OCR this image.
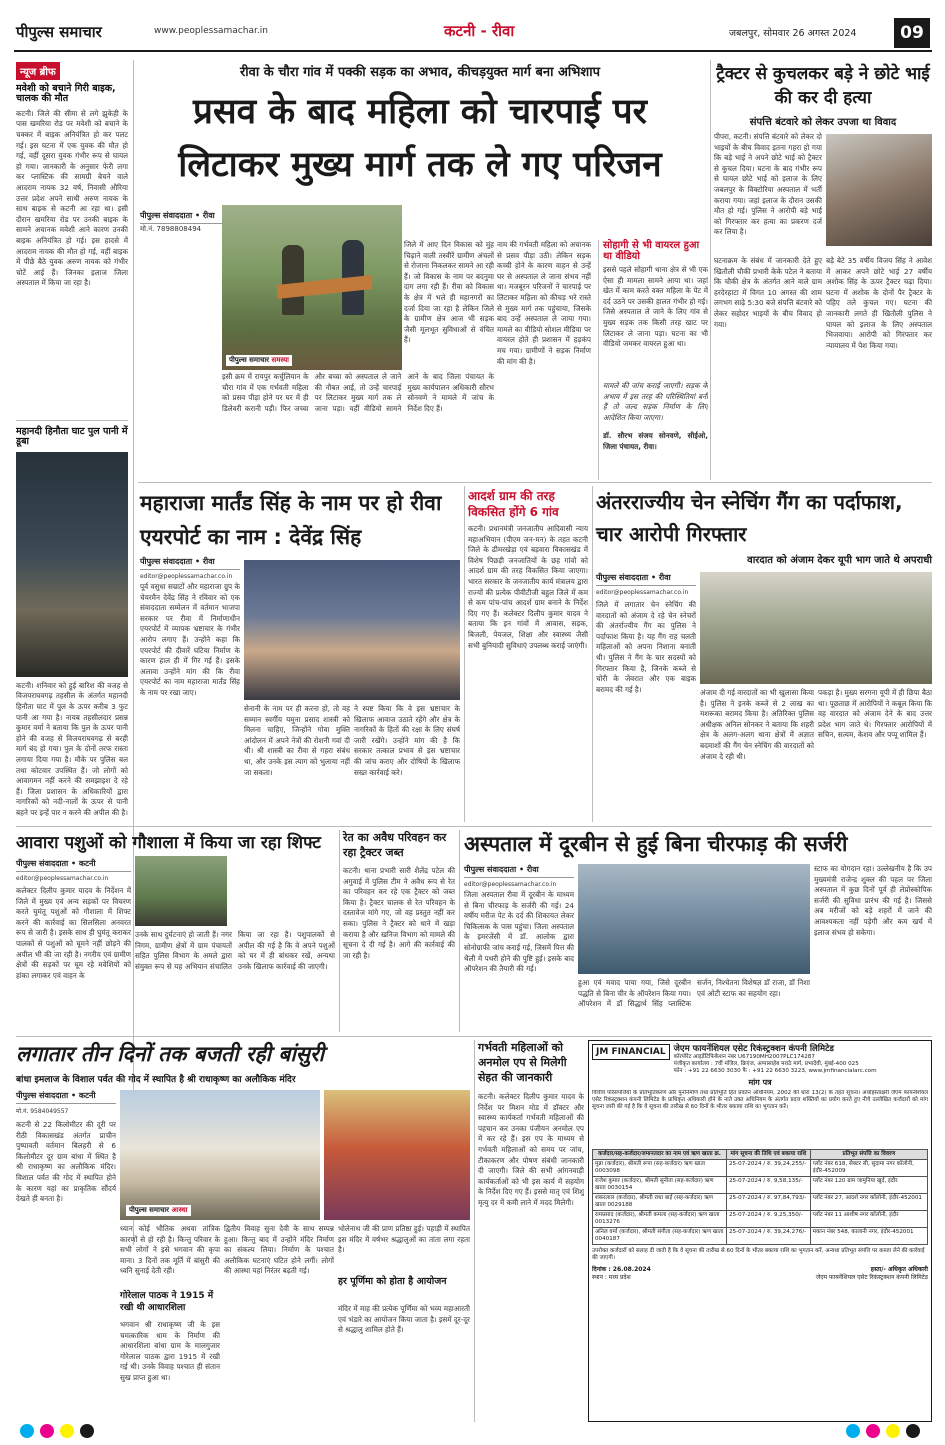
पीपुल्स समाचार	www.peoplessamachar.in	कटनी - रीवा	जबलपुर, सोमवार 26 अगस्त 2024	09
न्यूज ब्रीफ
मवेशी को बचाने गिरी बाइक, चालक की मौत
कटनी। जिले की सीमा से लगे झुकेही के पास खमरिया रोड पर मवेशी को बचाने के चक्कर में बाइक अनियंत्रित हो कर पलट गई। इस घटना में एक युवक की मौत हो गई, वहीं दूसरा युवक गंभीर रूप से घायल हो गया। जानकारी के अनुसार फेरी लगा कर प्लास्टिक की सामग्री बेचने वाले आदराम नायक 32 वर्ष, निवासी औरिया उत्तर प्रदेश अपने साथी अरुण नायक के साथ बाइक से कटनी आ रहा था। इसी दौरान खमरिया रोड पर उनकी बाइक के सामने अचानक मवेशी आने कारण उनकी बाइक अनियंत्रित हो गई। इस हादसे में आदराम नायक की मौत हो गई, वहीं बाइक में पीछे बैठे युवक अरुण नायक को गंभीर चोटें आई हैं। जिनका इलाज जिला अस्पताल में किया जा रहा है।
महानदी हिनौता घाट पुल पानी में डूबा
कटनी। शनिवार को हुई बारिश की वजह से विजयराघवगढ़ तहसील के अंतर्गत महानदी हिनौता घाट में पुल के ऊपर करीब 3 फुट पानी आ गया है। नायब तहसीलदार प्रसन्न कुमार वर्मा ने बताया कि पुल के ऊपर पानी होने की वजह से विजयराघवगढ़ से बरही मार्ग बंद हो गया। पुल के दोनों तरफ रास्ता लगाया दिया गया है। मौके पर पुलिस बल तथा कोटवार उपस्थित हैं। जो लोगों को आवागमन नहीं करने की समझाइश दे रहे हैं। जिला प्रशासन के अधिकारियों द्वारा नागरिकों को नदी-नालों के ऊपर से पानी बहने पर इन्हें पार न करने की अपील की है।
रीवा के चौरा गांव में पक्की सड़क का अभाव, कीचड़युक्त मार्ग बना अभिशाप
प्रसव के बाद महिला को चारपाई पर लिटाकर मुख्य मार्ग तक ले गए परिजन
पीपुल्स संवाददाता • रीवा
पीपुल्स समाचार समस्या
मो.नं. 7898808494
जिले में आए दिन विकास को मुंह चिढ़ाने वाली तस्वीरें ग्रामीण अंचलों से रोजाना निकलकर सामने आ रही हैं। जो विकास के नाम पर बदनुमा दाग लगा रही हैं। रीवा को विकास के क्षेत्र में भले ही महानगरों का दर्जा दिया जा रहा है लेकिन जिले के ग्रामीण क्षेत्र आज भी सड़क जैसी मूलभूत सुविधाओं से वंचित हैं।
इसी क्रम में रायपुर कर्चुलियान के चौरा गांव में एक गर्भवती महिला को प्रसव पीड़ा होने पर घर में ही डिलेवरी करानी पड़ी। फिर जच्चा और बच्चा को अस्पताल ले जाने की नौबत आई, तो उन्हें चारपाई पर लिटाकर मुख्य मार्ग तक ले जाना पड़ा। यहीं वीडियो सामने आने के बाद जिला पंचायत के मुख्य कार्यपालन अधिकारी सौरभ सोनवणे ने मामले में जांच के निर्देश दिए हैं।
नाम की गर्भवती महिला को अचानक से प्रसव पीड़ा उठी। लेकिन सड़क कच्ची होने के कारण वाहन से उन्हें घर से अस्पताल ले जाना संभव नहीं था। मजबूरन परिजनों ने चारपाई पर लिटाकर महिला को कीचड़ भरे रास्ते से मुख्य मार्ग तक पहुंचाया, जिसके बाद उन्हें अस्पताल ले जाया गया। मामले का वीडियो सोशल मीडिया पर वायरल होते ही प्रशासन में हड़कंप मच गया। ग्रामीणों ने सड़क निर्माण की मांग की है।
सोहागी से भी वायरल हुआ था वीडियो
इससे पहले सोहागी थाना क्षेत्र से भी एक ऐसा ही मामला सामने आया था। जहां खेत में काम करते वक्त महिला के पेट में दर्द उठने पर उसकी हालत गंभीर हो गई। जिसे अस्पताल ले जाने के लिए गांव से मुख्य सड़क तक किसी तरह खाट पर लिटाकर ले जाना पड़ा। घटना का भी वीडियो जमकर वायरल हुआ था।
मामले की जांच कराई जाएगी। सड़क के अभाव में इस तरह की परिस्थितियां बनी हैं तो जल्द सड़क निर्माण के लिए आदेशित किया जाएगा।
डॉ. सौरभ संजय सोनवणे, सीईओ, जिला पंचायत, रीवा।
ट्रैक्टर से कुचलकर बड़े ने छोटे भाई की कर दी हत्या
संपत्ति बंटवारे को लेकर उपजा था विवाद
पीपरा, कटनी। संपत्ति बंटवारे को लेकर दो भाइयों के बीच विवाद इतना गहरा हो गया कि बड़े भाई ने अपने छोटे भाई को ट्रैक्टर से कुचल दिया। घटना के बाद गंभीर रूप से घायल छोटे भाई को इलाज के लिए जबलपुर के विक्टोरिया अस्पताल में भर्ती कराया गया। जहां इलाज के दौरान उसकी मौत हो गई। पुलिस ने आरोपी बड़े भाई को गिरफ्तार कर हत्या का प्रकरण दर्ज कर लिया है।
घटनाक्रम के संबंध में जानकारी देते हुए खितौली चौकी प्रभारी केके पटेल ने बताया कि चौकी क्षेत्र के अंतर्गत आने वाले ग्राम हरदेरहाटा में विगत 10 अगस्त की शाम लगभग साढ़े 5:30 बजे संपत्ति बंटवारे को लेकर सहोदर भाइयों के बीच विवाद हो गया।
बड़े बेटे 35 वर्षीय विजय सिंह ने आवेश में आकर अपने छोटे भाई 27 वर्षीय अशोक सिंह के ऊपर ट्रैक्टर चढ़ा दिया। घटना में अशोक के दोनों पैर ट्रैक्टर के पहिए तले कुचल गए। घटना की जानकारी लगते ही खितौली पुलिस ने घायल को इलाज के लिए अस्पताल भिजवाया। आरोपी को गिरफ्तार कर न्यायालय में पेश किया गया।
महाराजा मार्तंड सिंह के नाम पर हो रीवा एयरपोर्ट का नाम : देवेंद्र सिंह
पीपुल्स संवाददाता • रीवा
editor@peoplessamachar.co.in
पूर्व वसुधा सम्राटों और महाराजा ग्रुप के चेयरमैन देवेंद्र सिंह ने रविवार को एक संवाददाता सम्मेलन में वर्तमान भाजपा सरकार पर रीवा में निर्माणाधीन एयरपोर्ट में व्यापक भ्रष्टाचार के गंभीर आरोप लगाए हैं। उन्होंने कहा कि एयरपोर्ट की दीवारें घटिया निर्माण के कारण हाल ही में गिर गई हैं। इसके अलावा उन्होंने मांग की कि रीवा एयरपोर्ट का नाम महाराजा मार्तंड सिंह के नाम पर रखा जाए।
सेनानी के नाम पर ही करना हो, तो वह सम्मान स्वर्गीय यमुना प्रसाद शास्त्री को मिलना चाहिए, जिन्होंने गोवा मुक्ति आंदोलन में अपने नेत्रों की रोशनी गवां दी थी। श्री शास्त्री का रीवा से गहरा संबंध था, और उनके इस त्याग को भुलाया नहीं जा सकता।
ने स्पष्ट किया कि वे इस भ्रष्टाचार के खिलाफ आवाज उठाते रहेंगे और क्षेत्र के नागरिकों के हितों की रक्षा के लिए संघर्ष जारी रखेंगे। उन्होंने मांग की है कि सरकार तत्काल प्रभाव से इस भ्रष्टाचार की जांच कराए और दोषियों के खिलाफ सख्त कार्रवाई करे।
आदर्श ग्राम की तरह विकसित होंगे 6 गांव
कटनी। प्रधानमंत्री जनजातीय आदिवासी न्याय महाअभियान (पीएम जन-मन) के तहत कटनी जिले के ढीमरखेड़ा एवं बड़वारा विकासखंड में विशेष पिछड़ी जनजातियों के छह गांवों को आदर्श ग्राम की तरह विकसित किया जाएगा। भारत सरकार के जनजातीय कार्य मंत्रालय द्वारा राज्यों की प्रत्येक पीवीटीजी बहुल जिले में कम से कम पांच-पांच आदर्श ग्राम बनाने के निर्देश दिए गए हैं। कलेक्टर दिलीप कुमार यादव ने बताया कि इन गांवों में आवास, सड़क, बिजली, पेयजल, शिक्षा और स्वास्थ्य जैसी सभी बुनियादी सुविधाएं उपलब्ध कराई जाएंगी।
अंतरराज्यीय चेन स्नेचिंग गैंग का पर्दाफाश, चार आरोपी गिरफ्तार
वारदात को अंजाम देकर यूपी भाग जाते थे अपराधी
पीपुल्स संवाददाता • रीवा
editor@peoplessamachar.co.in
जिले में लगातार चेन स्नेचिंग की वारदातों को अंजाम दे रहे चेन स्नेचरों की अंतर्राज्यीय गैंग का पुलिस ने पर्दाफाश किया है। यह गैंग राह चलती महिलाओं को अपना निशाना बनाती थी। पुलिस ने गैंग के चार सदस्यों को गिरफ्तार किया है, जिनके कब्जे से चोरी के जेवरात और एक बाइक बरामद की गई है।	अंजाम दी गई वारदातों का भी खुलासा किया है। पुलिस ने इनके कब्जे से 2 लाख का मशरूका बरामद किया है। अतिरिक्त पुलिस अधीक्षक अनिल सोनकर ने बताया कि शहरी क्षेत्र के अलग-अलग थाना क्षेत्रों में अज्ञात बदमाशों की गैंग चेन स्नेचिंग की वारदातों को अंजाम दे रही थी।
पकड़ा है। मुख्य सरगना यूपी में ही छिपा बैठा था। पूछताछ में आरोपियों ने कबूल किया कि वह वारदात को अंजाम देने के बाद उत्तर प्रदेश भाग जाते थे। गिरफ्तार आरोपियों में सचिन, सत्यम, केशव और पप्पू शामिल हैं।
आवारा पशुओं को गौशाला में किया जा रहा शिफ्ट
पीपुल्स संवाददाता • कटनी
editor@peoplessamachar.co.in
कलेक्टर दिलीप कुमार यादव के निर्देशन में जिले में मुख्य एवं अन्य सड़कों पर विचरण करते घुमंतू पशुओं को गौशाला में शिफ्ट करने की कार्रवाई का सिलसिला अनवरत रूप से जारी है। इसके साथ ही घुमंतू कराकर पालकों से पशुओं को घूमने नहीं छोड़ने की अपील भी की जा रही है। नगरीय एवं ग्रामीण क्षेत्रों की सड़कों पर घूम रहे मवेशियों को हांका लगाकर एवं वाहन के
उनके साथ दुर्घटनाएं हो जाती हैं। नगर निगम, ग्रामीण क्षेत्रों में ग्राम पंचायतों सहित पुलिस विभाग के अमले द्वारा संयुक्त रूप से यह अभियान संचालित किया जा रहा है। पशुपालकों से अपील की गई है कि वे अपने पशुओं को घर में ही बांधकर रखें, अन्यथा उनके खिलाफ कार्रवाई की जाएगी।
रेत का अवैध परिवहन कर रहा ट्रैक्टर जब्त
कटनी। थाना प्रभारी सारी शैलेंद्र पटेल की अगुवाई में पुलिस टीम ने अवैध रूप से रेत का परिवहन कर रहे एक ट्रैक्टर को जब्त किया है। ट्रैक्टर चालक से रेत परिवहन के दस्तावेज मांगे गए, जो वह प्रस्तुत नहीं कर सका। पुलिस ने ट्रैक्टर को थाने में खड़ा कराया है और खनिज विभाग को मामले की सूचना दे दी गई है। आगे की कार्रवाई की जा रही है।
अस्पताल में दूरबीन से हुई बिना चीरफाड़ की सर्जरी
पीपुल्स संवाददाता • रीवा
editor@peoplessamachar.co.in
जिला अस्पताल रीवा में दूरबीन के माध्यम से बिना चीरफाड़ के सर्जरी की गई। 24 वर्षीय मरीज पेट के दर्द की शिकायत लेकर चिकित्सक के पास पहुंचा। जिला अस्पताल के इमरजेंसी में डॉ. आलोक द्वारा सोनोग्राफी जांच कराई गई, जिसमें पित्त की थैली में पथरी होने की पुष्टि हुई। इसके बाद ऑपरेशन की तैयारी की गई।
हुआ एवं मवाद पाया गया, जिसे दूरबीन पद्धति से बिना चीर के ऑपरेशन किया गया। ऑपरेशन में डॉ सिद्धार्थ सिंह प्लास्टिक सर्जन, निश्चेतना विशेषज्ञ डॉ राजा, डॉ निशा एवं ओटी स्टाफ का सहयोग रहा।
स्टाफ का योगदान रहा। उल्लेखनीय है कि उप मुख्यमंत्री राजेन्द्र शुक्ल की पहल पर जिला अस्पताल में कुछ दिनों पूर्व ही लेप्रोस्कोपिक सर्जरी की सुविधा प्रारंभ की गई है। जिससे अब मरीजों को बड़े शहरों में जाने की आवश्यकता नहीं पड़ेगी और कम खर्च में इलाज संभव हो सकेगा।
लगातार तीन दिनों तक बजती रही बांसुरी
बांधा इमलाज के विशाल पर्वत की गोद में स्थापित है श्री राधाकृष्ण का अलौकिक मंदिर
पीपुल्स संवाददाता • कटनी
मो.नं. 9584049557
कटनी से 22 किलोमीटर की दूरी पर रीठी विकासखंड अंतर्गत प्राचीन पुष्पावती वर्तमान बिलहरी से 6 किलोमीटर दूर ग्राम बांधा में स्थित है श्री राधाकृष्ण का अलौकिक मंदिर। विशाल पर्वत की गोद में स्थापित होने के कारण यहां का प्राकृतिक सौंदर्य देखते ही बनता है।
पीपुल्स समाचार आस्था
ध्यान कोई भौतिक अथवा तांत्रिक कारणों से हो रही है। किन्तु परिवार के सभी लोगों ने इसे भगवान की कृपा माना। 3 दिनों तक मूर्ति में बांसुरी की ध्वनि सुनाई देती रही।
गोरेलाल पाठक ने 1915 में रखी थी आधारशिला
भगवान श्री राधाकृष्ण जी के इस चमत्कारिक धाम के निर्माण की आधारशिला बांधा ग्राम के मालगुजार गोरेलाल पाठक द्वारा 1915 में रखी गई थी। उनके विवाह पश्चात ही संतान सुख प्राप्त हुआ था।
द्वितीय विवाह सुना देवी के साथ सम्पन्न हुआ। किन्तु बाद में उन्होंने मंदिर निर्माण का संकल्प लिया। निर्माण के पश्चात अलौकिक घटनाएं घटित होने लगीं। लोगों की आस्था यहां निरंतर बढ़ती गई।
भोलेनाथ जी की प्राण प्रतिष्ठा हुई। पहाड़ी में स्थापित इस मंदिर में वर्षभर श्रद्धालुओं का तांता लगा रहता है।
हर पूर्णिमा को होता है आयोजन
मंदिर में माह की प्रत्येक पूर्णिमा को भव्य महाआरती एवं भंडारे का आयोजन किया जाता है। इसमें दूर-दूर से श्रद्धालु शामिल होते हैं।
गर्भवती महिलाओं को अनमोल एप से मिलेगी सेहत की जानकारी
कटनी। कलेक्टर दिलीप कुमार यादव के निर्देश पर मिशन मोड में डॉक्टर और स्वास्थ्य कार्यकर्ता गर्भवती महिलाओं की पहचान कर उनका पंजीयन अनमोल एप में कर रहे हैं। इस एप के माध्यम से गर्भवती महिलाओं को समय पर जांच, टीकाकरण और पोषण संबंधी जानकारी दी जाएगी। जिले की सभी आंगनवाड़ी कार्यकर्ताओं को भी इस कार्य में सहयोग के निर्देश दिए गए हैं। इससे मातृ एवं शिशु मृत्यु दर में कमी लाने में मदद मिलेगी।
JM FINANCIAL जेएम फायनेंशियल एसेट रिकंस्ट्रक्शन कंपनी लिमिटेड
कॉरपोरेट आइडेंटिफिकेशन नंबर U67190MH2007PLC174287
पंजीकृत कार्यालय : 7वीं मंजिल, क्रिएंज, अप्पासाहेब मराठे मार्ग, प्रभादेवी, मुंबई-400 025
फोन : +91 22 6630 3030 फै : +91 22 6630 3223, www.jmfinancialarc.com
मांग पत्र
वित्तीय परिसंपत्तियों के प्रतिभूतिकरण और पुनर्निर्माण तथा प्रतिभूति हित प्रवर्तन अधिनियम, 2002 की धारा 13(2) के तहत सूचना। अधोहस्ताक्षरी जेएम फायनेंशियल एसेट रिकंस्ट्रक्शन कंपनी लिमिटेड के प्राधिकृत अधिकारी होने के नाते उक्त अधिनियम के अंतर्गत प्रदत्त शक्तियों का प्रयोग करते हुए नीचे उल्लेखित कर्जदारों को मांग सूचना जारी की गई है कि वे सूचना की तारीख से 60 दिनों के भीतर बकाया राशि का भुगतान करें।
कर्जदार/सह-कर्जदार/जमानतदार का नाम एवं ऋण खाता क्र.	मांग सूचना की तिथि एवं बकाया राशि	प्रतिभूत संपत्ति का विवरण
मुन्ना (कर्जदार), श्रीमती रूपा (सह-कर्जदार) ऋण खाता 0003098	25-07-2024 / रु. 39,24,255/-	प्लॉट नंबर 618, सेक्टर सी, सुदामा नगर कॉलोनी, इंदौर-452009
राजेश कुमार (कर्जदार), श्रीमती सुनीता (सह-कर्जदार) ऋण खाता 0030154	25-07-2024 / रु. 9,58,135/-	प्लॉट नंबर 120 ग्राम जामुनिया खुर्द, इंदौर
शंकरलाल (कर्जदार), श्रीमती राधा बाई (सह-कर्जदार) ऋण खाता 0029188	25-07-2024 / रु. 97,84,793/-	प्लॉट नंबर 27, आदर्श नगर कॉलोनी, इंदौर-452001
रामप्रसाद (कर्जदार), श्रीमती कमला (सह-कर्जदार) ऋण खाता 0013276	25-07-2024 / रु. 9,25,350/-	प्लॉट नंबर 11 आशीष नगर कॉलोनी, इंदौर
अनिल वर्मा (कर्जदार), श्रीमती संगीता (सह-कर्जदार) ऋण खाता 0040187	25-07-2024 / रु. 39,24,276/-	मकान नंबर 548, कालानी नगर, इंदौर-452001
उपरोक्त कर्जदारों को सलाह दी जाती है कि वे सूचना की तारीख से 60 दिनों के भीतर बकाया राशि का भुगतान करें, अन्यथा प्रतिभूत संपत्ति पर कब्जा लेने की कार्रवाई की जाएगी।
दिनांक : 26.08.2024
स्थान : मध्य प्रदेश
हस्ता/- अधिकृत अधिकारी
जेएम फायनेंशियल एसेट रिकंस्ट्रक्शन कंपनी लिमिटेड
